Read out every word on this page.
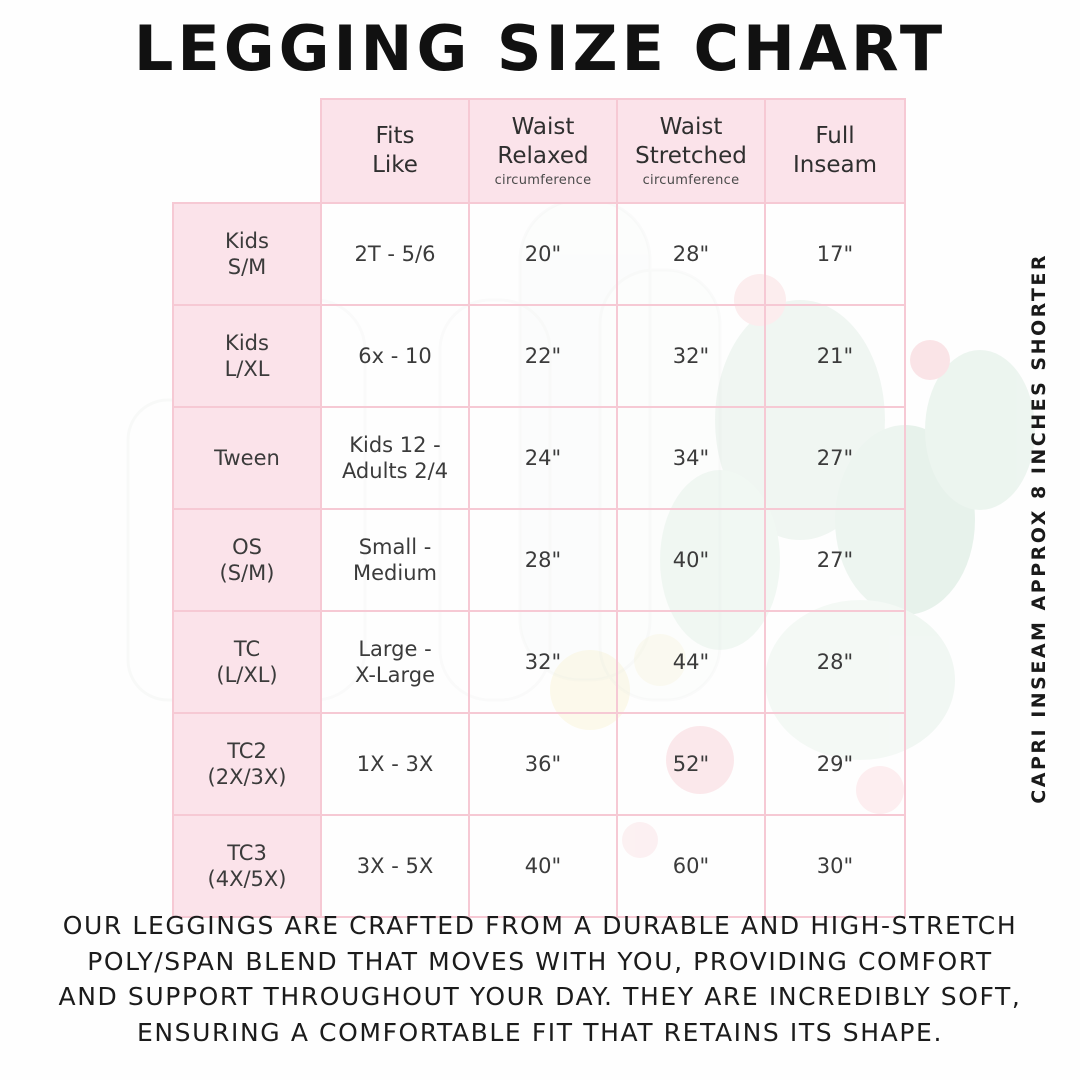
LEGGING SIZE CHART
	Fits
Like	Waist
Relaxed
circumference	Waist
Stretched
circumference	Full
Inseam
Kids
S/M	2T - 5/6	20"	28"	17"
Kids
L/XL	6x - 10	22"	32"	21"
Tween	Kids 12 -
Adults 2/4	24"	34"	27"
OS
(S/M)	Small -
Medium	28"	40"	27"
TC
(L/XL)	Large -
X-Large	32"	44"	28"
TC2
(2X/3X)	1X - 3X	36"	52"	29"
TC3
(4X/5X)	3X - 5X	40"	60"	30"
CAPRI INSEAM APPROX 8 INCHES SHORTER
OUR LEGGINGS ARE CRAFTED FROM A DURABLE AND HIGH-STRETCH
POLY/SPAN BLEND THAT MOVES WITH YOU, PROVIDING COMFORT
AND SUPPORT THROUGHOUT YOUR DAY. THEY ARE INCREDIBLY SOFT,
ENSURING A COMFORTABLE FIT THAT RETAINS ITS SHAPE.
